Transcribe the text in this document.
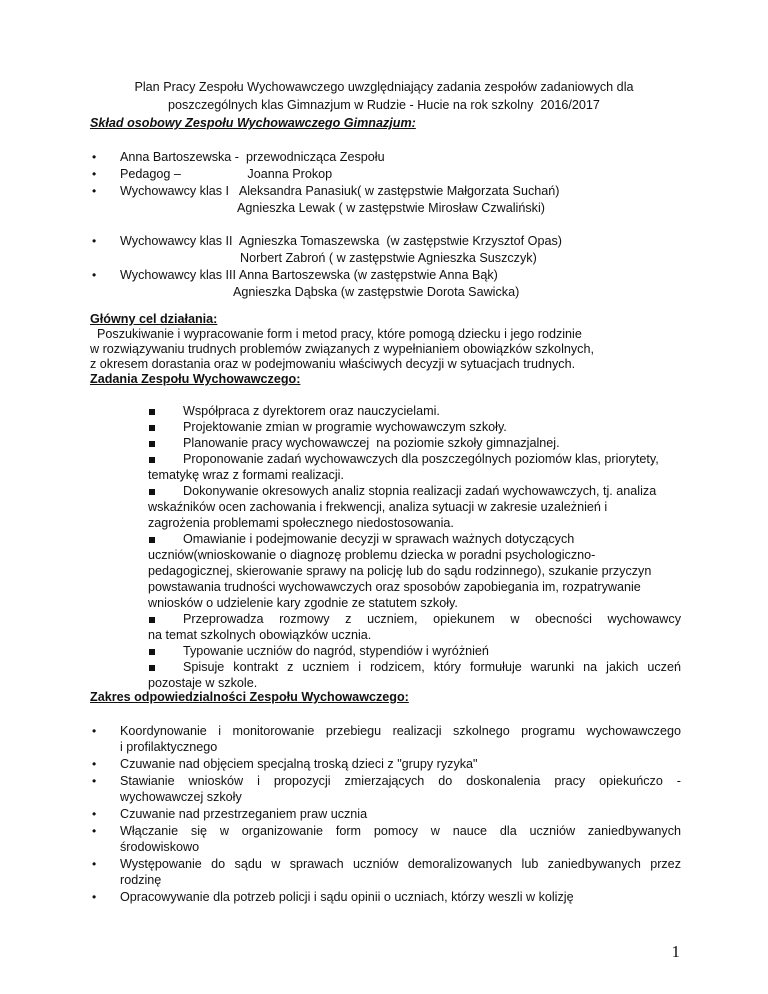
Plan Pracy Zespołu Wychowawczego uwzględniający zadania zespołów zadaniowych dla
poszczególnych klas Gimnazjum w Rudzie - Hucie na rok szkolny  2016/2017
Skład osobowy Zespołu Wychowawczego Gimnazjum:
• Anna Bartoszewska -  przewodnicząca Zespołu
• Pedagog –                   Joanna Prokop
• Wychowawcy klas I   Aleksandra Panasiuk( w zastępstwie Małgorzata Suchań)
Agnieszka Lewak ( w zastępstwie Mirosław Czwaliński)
• Wychowawcy klas II  Agnieszka Tomaszewska  (w zastępstwie Krzysztof Opas)
Norbert Zabroń ( w zastępstwie Agnieszka Suszczyk)
• Wychowawcy klas III Anna Bartoszewska (w zastępstwie Anna Bąk)
Agnieszka Dąbska (w zastępstwie Dorota Sawicka)
Główny cel działania:
Poszukiwanie i wypracowanie form i metod pracy, które pomogą dziecku i jego rodzinie
w rozwiązywaniu trudnych problemów związanych z wypełnianiem obowiązków szkolnych,
z okresem dorastania oraz w podejmowaniu właściwych decyzji w sytuacjach trudnych.
Zadania Zespołu Wychowawczego:
Współpraca z dyrektorem oraz nauczycielami.
Projektowanie zmian w programie wychowawczym szkoły.
Planowanie pracy wychowawczej  na poziomie szkoły gimnazjalnej.
Proponowanie zadań wychowawczych dla poszczególnych poziomów klas, priorytety,
tematykę wraz z formami realizacji.
Dokonywanie okresowych analiz stopnia realizacji zadań wychowawczych, tj. analiza
wskaźników ocen zachowania i frekwencji, analiza sytuacji w zakresie uzależnień i
zagrożenia problemami społecznego niedostosowania.
Omawianie i podejmowanie decyzji w sprawach ważnych dotyczących
uczniów(wnioskowanie o diagnozę problemu dziecka w poradni psychologiczno-
pedagogicznej, skierowanie sprawy na policję lub do sądu rodzinnego), szukanie przyczyn
powstawania trudności wychowawczych oraz sposobów zapobiegania im, rozpatrywanie
wniosków o udzielenie kary zgodnie ze statutem szkoły.
Przeprowadza rozmowy z uczniem, opiekunem w obecności wychowawcy
na temat szkolnych obowiązków ucznia.
Typowanie uczniów do nagród, stypendiów i wyróżnień
Spisuje kontrakt z uczniem i rodzicem, który formułuje warunki na jakich uczeń
pozostaje w szkole.
Zakres odpowiedzialności Zespołu Wychowawczego:
• Koordynowanie i monitorowanie przebiegu realizacji szkolnego programu wychowawczego
i profilaktycznego
• Czuwanie nad objęciem specjalną troską dzieci z "grupy ryzyka"
• Stawianie wniosków i propozycji zmierzających do doskonalenia pracy opiekuńczo -
wychowawczej szkoły
• Czuwanie nad przestrzeganiem praw ucznia
• Włączanie się w organizowanie form pomocy w nauce dla uczniów zaniedbywanych
środowiskowo
• Występowanie do sądu w sprawach uczniów demoralizowanych lub zaniedbywanych przez
rodzinę
• Opracowywanie dla potrzeb policji i sądu opinii o uczniach, którzy weszli w kolizję
1
